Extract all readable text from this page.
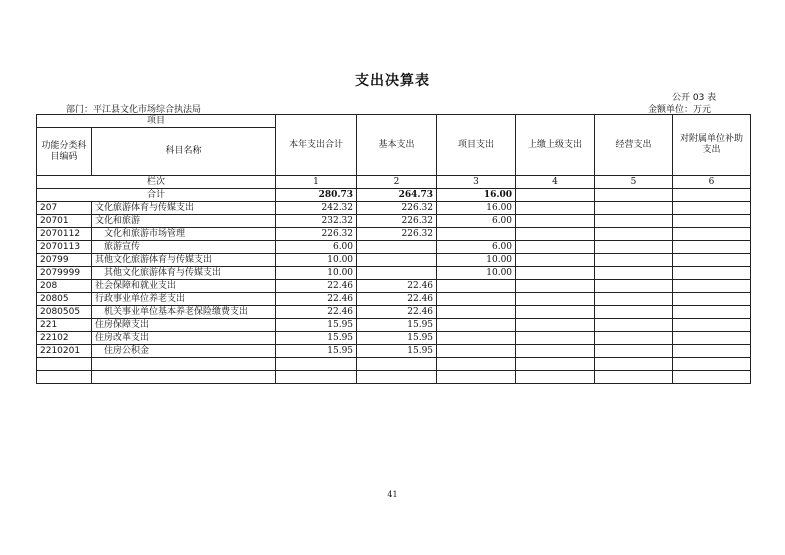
支出决算表
公开 03 表
部门：平江县文化市场综合执法局	金额单位：万元
项目		本年支出合计	基本支出	项目支出	上缴上级支出	经营支出	对附属单位补助支出
功能分类科目编码	科目名称						
栏次		1	2	3	4	5	6
合计		280.73	264.73	16.00			
207	文化旅游体育与传媒支出	242.32	226.32	16.00			
20701	文化和旅游	232.32	226.32	6.00			
2070112	文化和旅游市场管理	226.32	226.32				
2070113	旅游宣传	6.00		6.00			
20799	其他文化旅游体育与传媒支出	10.00		10.00			
2079999	其他文化旅游体育与传媒支出	10.00		10.00			
208	社会保障和就业支出	22.46	22.46				
20805	行政事业单位养老支出	22.46	22.46				
2080505	机关事业单位基本养老保险缴费支出	22.46	22.46				
221	住房保障支出	15.95	15.95				
22102	住房改革支出	15.95	15.95				
2210201	住房公积金	15.95	15.95				

41
